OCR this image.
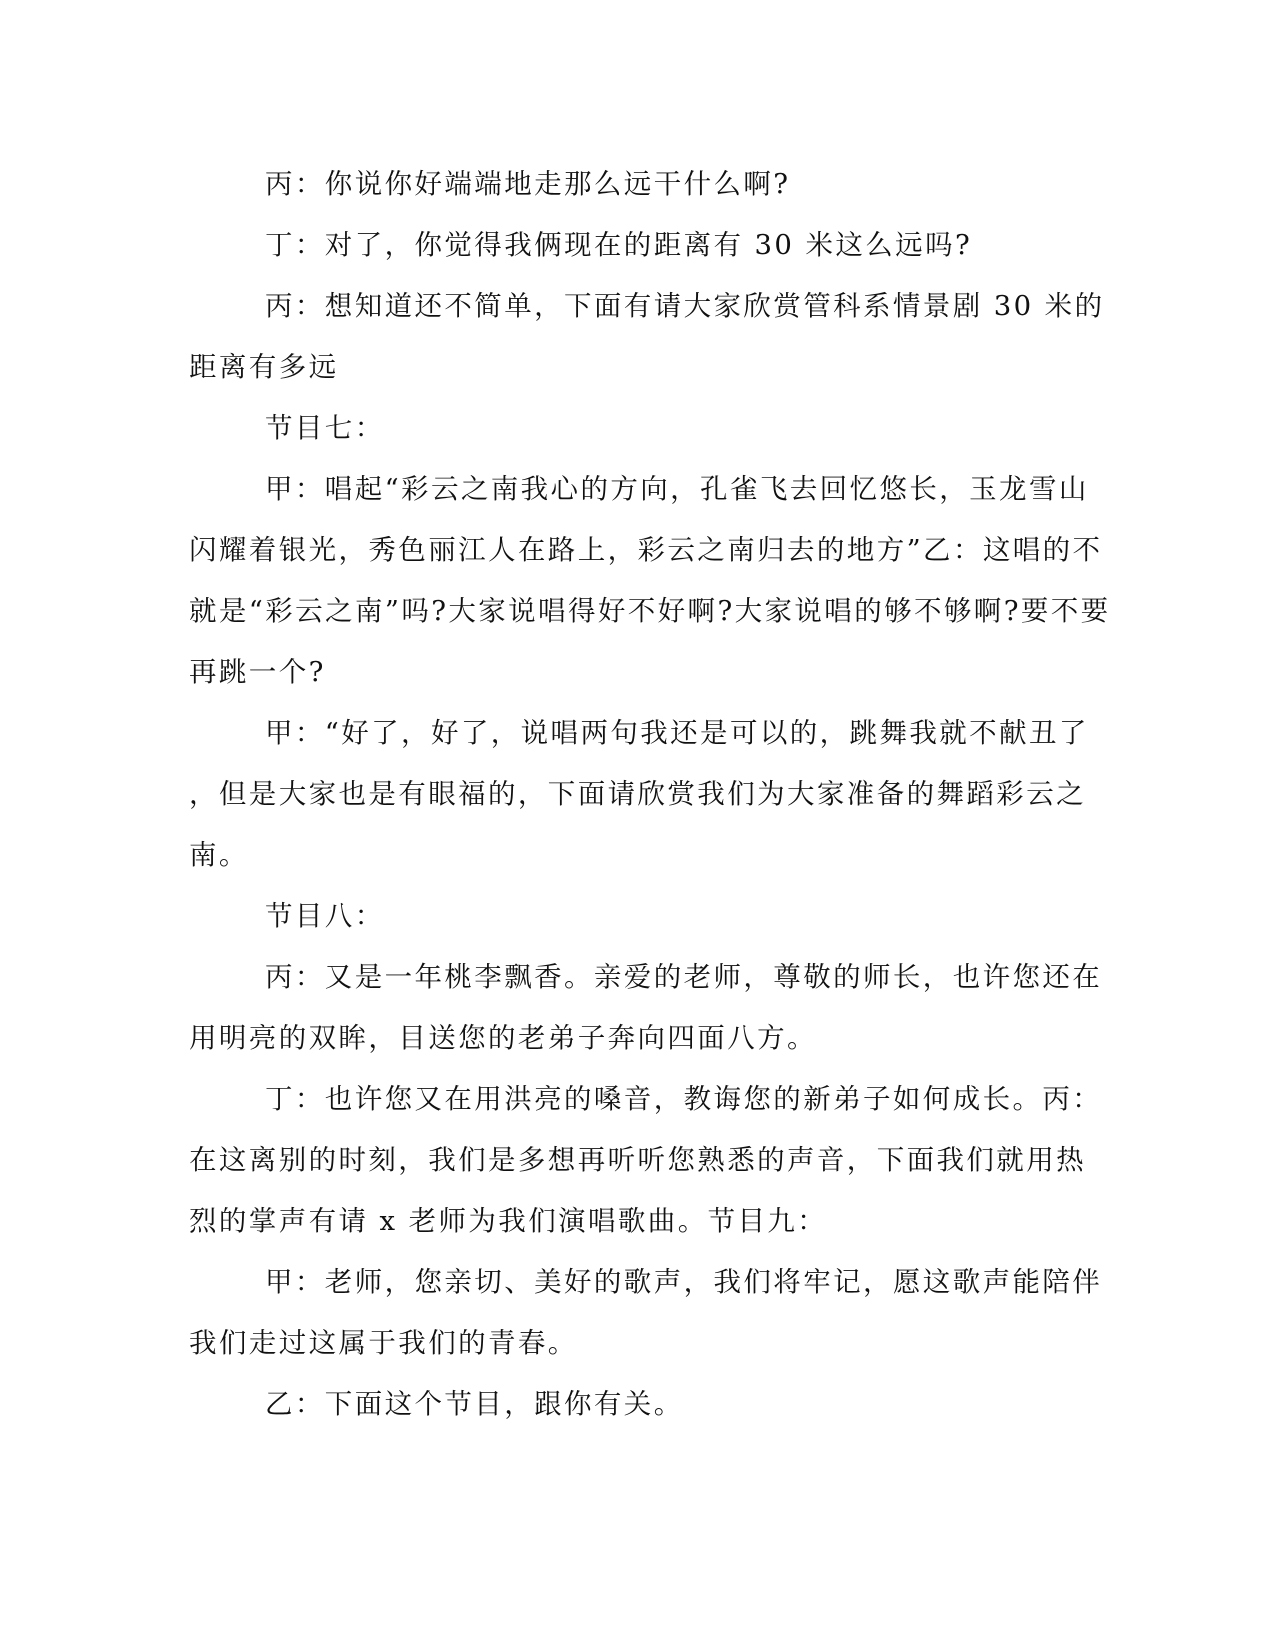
丙：你说你好端端地走那么远干什么啊?
丁：对了，你觉得我俩现在的距离有 30 米这么远吗?
丙：想知道还不简单，下面有请大家欣赏管科系情景剧 30 米的
距离有多远
节目七：
甲：唱起“彩云之南我心的方向，孔雀飞去回忆悠长，玉龙雪山
闪耀着银光，秀色丽江人在路上，彩云之南归去的地方”乙：这唱的不
就是“彩云之南”吗?大家说唱得好不好啊?大家说唱的够不够啊?要不要
再跳一个?
甲：“好了，好了，说唱两句我还是可以的，跳舞我就不献丑了
，但是大家也是有眼福的，下面请欣赏我们为大家准备的舞蹈彩云之
南。
节目八：
丙：又是一年桃李飘香。亲爱的老师，尊敬的师长，也许您还在
用明亮的双眸，目送您的老弟子奔向四面八方。
丁：也许您又在用洪亮的嗓音，教诲您的新弟子如何成长。丙：
在这离别的时刻，我们是多想再听听您熟悉的声音，下面我们就用热
烈的掌声有请 x 老师为我们演唱歌曲。节目九：
甲：老师，您亲切、美好的歌声，我们将牢记，愿这歌声能陪伴
我们走过这属于我们的青春。
乙：下面这个节目，跟你有关。
